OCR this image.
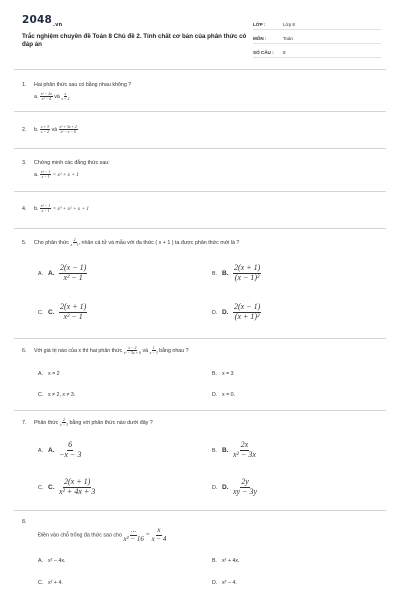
$2048_{.vn}$
Trắc nghiệm chuyên đề Toán 8 Chủ đề 2. Tính chất cơ bản của phân thức có đáp án
LỚP :	Lớp 8
MÔN :	Toán
SỐ CÂU :	8
1. Hai phân thức sau có bằng nhau không ?
a. $\frac{\text{x² − 2x}}{\text{x² − 4}}$ và $\frac{x}{x + 2}$
2. b. $\frac{x + 3}{x - 2}$ và $\frac{\text{x² + 3x + 2}}{\text{x² − x − 6}}$
3. Chứng minh các đẳng thức sau:
a. $\frac{\text{x³ − 1}}{x - 1} = x^2 + x + 1$
4. b. $\frac{\text{x³ − 1}}{x - 1} = x^3 + x^2 + x + 1$
5. Cho phân thức $\frac{2}{x - 1}$ , nhân cả tử và mẫu với đa thức ( x + 1 ) ta được phân thức mới là ?
A. A. $\frac{2(x - 1)}{\text{x² − 1}}$	B. B. $\frac{2(x + 1)}{\text{(x − 1)²}}$
C. C. $\frac{2(x + 1)}{\text{x² − 1}}$	D. D. $\frac{2(x - 1)}{\text{(x + 1)²}}$
6. Với giá trị nào của x thì hai phân thức $\frac{x - 2}{\text{x² − 5x + 6}}$ và $\frac{1}{x - 3}$ bằng nhau ?
A. x = 2	B. x = 3
C. x ≠ 2, x ≠ 3.	D. x = 0.
7. Phân thức $\frac{2}{x - 3}$ bằng với phân thức nào dưới đây ?
A. A. $\frac{6}{-x - 3}$	B. B. $\frac{2x}{\text{x² − 3x}}$
C. C. $\frac{2(x + 1)}{\text{x² + 4x + 3}}$	D. D. $\frac{2y}{xy - 3y}$
8.
Điền vào chỗ trống đa thức sao cho $\frac{...}{\text{x² − 16}} = \frac{x}{x - 4}$
A. x² − 4x.	B. x² + 4x.
C. x² + 4.	D. x² − 4.
